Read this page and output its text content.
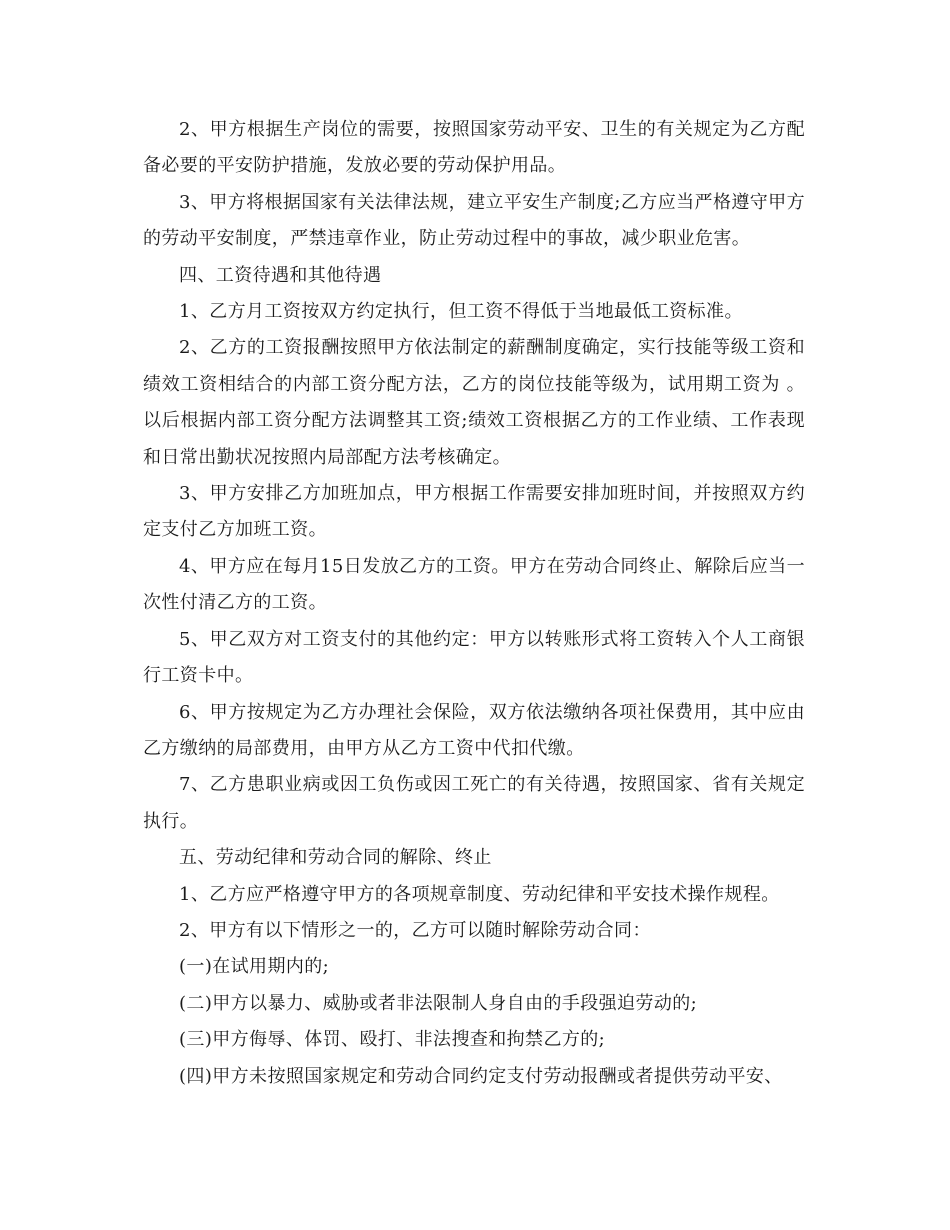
2、甲方根据生产岗位的需要，按照国家劳动平安、卫生的有关规定为乙方配备必要的平安防护措施，发放必要的劳动保护用品。

3、甲方将根据国家有关法律法规，建立平安生产制度;乙方应当严格遵守甲方的劳动平安制度，严禁违章作业，防止劳动过程中的事故，减少职业危害。

四、工资待遇和其他待遇

1、乙方月工资按双方约定执行，但工资不得低于当地最低工资标准。

2、乙方的工资报酬按照甲方依法制定的薪酬制度确定，实行技能等级工资和绩效工资相结合的内部工资分配方法，乙方的岗位技能等级为，试用期工资为 。以后根据内部工资分配方法调整其工资;绩效工资根据乙方的工作业绩、工作表现和日常出勤状况按照内局部配方法考核确定。

3、甲方安排乙方加班加点，甲方根据工作需要安排加班时间，并按照双方约定支付乙方加班工资。

4、甲方应在每月15日发放乙方的工资。甲方在劳动合同终止、解除后应当一次性付清乙方的工资。

5、甲乙双方对工资支付的其他约定：甲方以转账形式将工资转入个人工商银行工资卡中。

6、甲方按规定为乙方办理社会保险，双方依法缴纳各项社保费用，其中应由乙方缴纳的局部费用，由甲方从乙方工资中代扣代缴。

7、乙方患职业病或因工负伤或因工死亡的有关待遇，按照国家、省有关规定执行。

五、劳动纪律和劳动合同的解除、终止

1、乙方应严格遵守甲方的各项规章制度、劳动纪律和平安技术操作规程。

2、甲方有以下情形之一的，乙方可以随时解除劳动合同：

(一)在试用期内的;

(二)甲方以暴力、威胁或者非法限制人身自由的手段强迫劳动的;

(三)甲方侮辱、体罚、殴打、非法搜查和拘禁乙方的;

(四)甲方未按照国家规定和劳动合同约定支付劳动报酬或者提供劳动平安、
